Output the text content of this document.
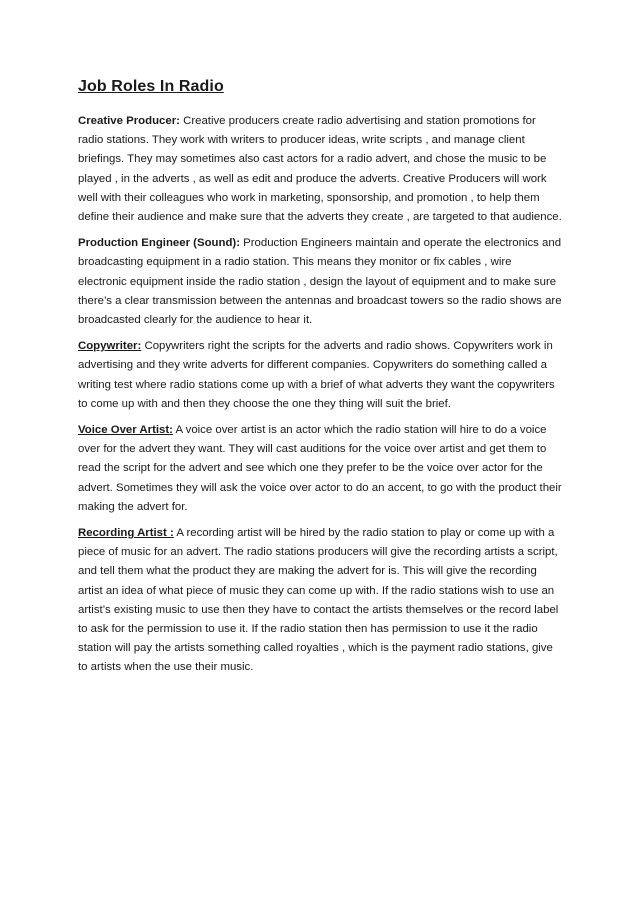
Job Roles In Radio

Creative Producer: Creative producers create radio advertising and station promotions for radio stations. They work with writers to producer ideas, write scripts , and manage client briefings. They may sometimes also cast actors for a radio advert, and chose the music to be played , in the adverts , as well as edit and produce the adverts. Creative Producers will work well with their colleagues who work in marketing, sponsorship, and promotion , to help them define their audience and make sure that the adverts they create , are targeted to that audience.

Production Engineer (Sound): Production Engineers maintain and operate the electronics and broadcasting equipment in a radio station. This means they monitor or fix cables , wire electronic equipment inside the radio station , design the layout of equipment and to make sure there’s a clear transmission between the antennas and broadcast towers so the radio shows are broadcasted clearly for the audience to hear it.

Copywriter: Copywriters right the scripts for the adverts and radio shows. Copywriters work in advertising and they write adverts for different companies. Copywriters do something called a writing test where radio stations come up with a brief of what adverts they want the copywriters to come up with and then they choose the one they thing will suit the brief.

Voice Over Artist: A voice over artist is an actor which the radio station will hire to do a voice over for the advert they want. They will cast auditions for the voice over artist and get them to read the script for the advert and see which one they prefer to be the voice over actor for the advert. Sometimes they will ask the voice over actor to do an accent, to go with the product their making the advert for.

Recording Artist : A recording artist will be hired by the radio station to play or come up with a piece of music for an advert. The radio stations producers will give the recording artists a script, and tell them what the product they are making the advert for is. This will give the recording artist an idea of what piece of music they can come up with. If the radio stations wish to use an artist’s existing music to use then they have to contact the artists themselves or the record label to ask for the permission to use it. If the radio station then has permission to use it the radio station will pay the artists something called royalties , which is the payment radio stations, give to artists when the use their music.
